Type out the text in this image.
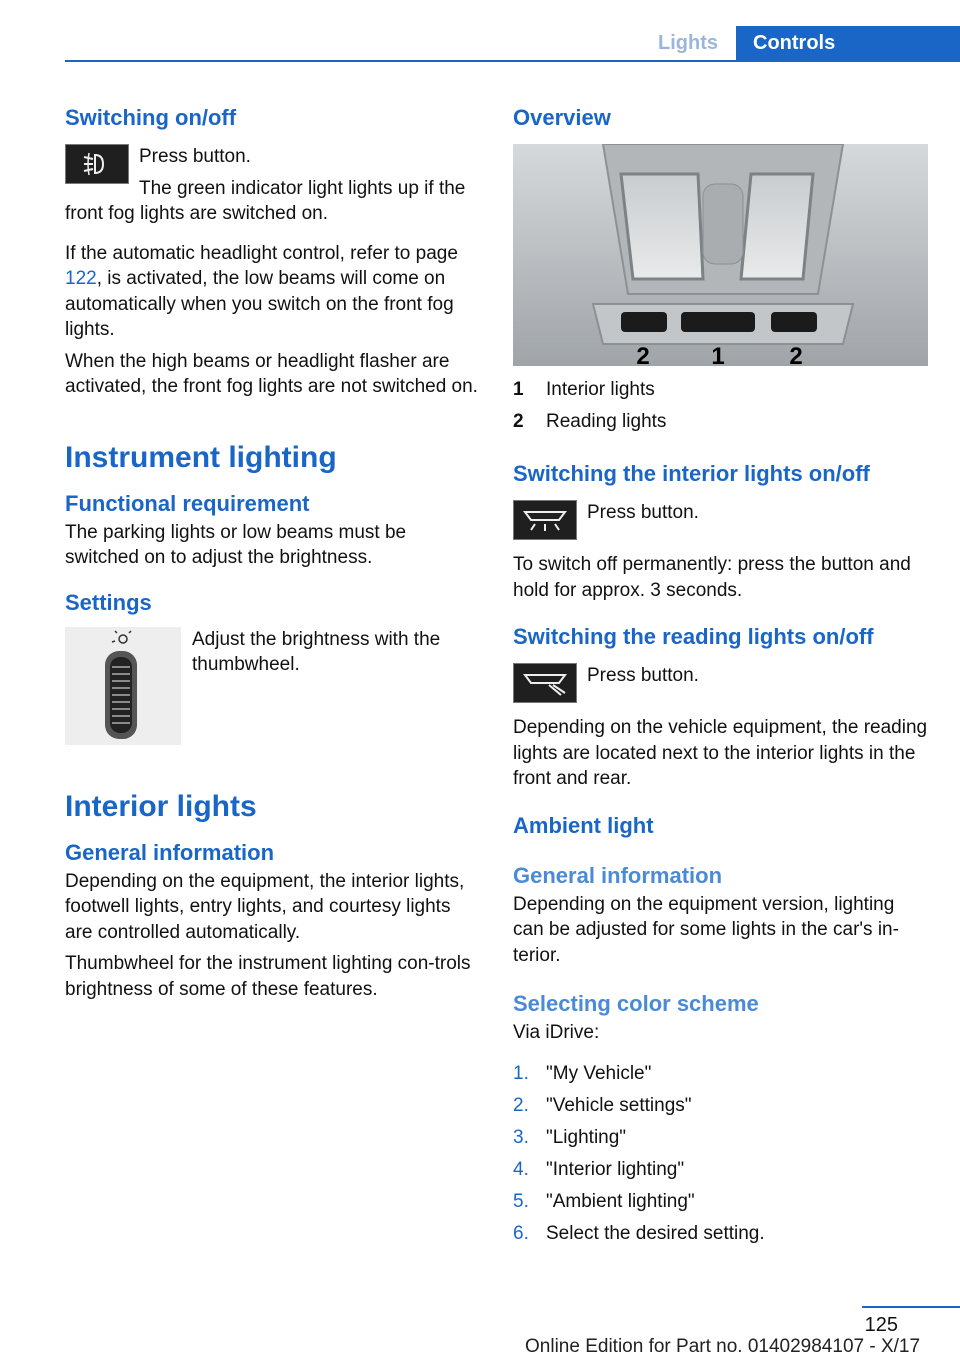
Lights	Controls
Switching on/off

Press button.

The green indicator light lights up if the front fog lights are switched on.

If the automatic headlight control, refer to page 122, is activated, the low beams will come on automatically when you switch on the front fog lights.

When the high beams or headlight flasher are activated, the front fog lights are not switched on.

Instrument lighting
Functional requirement

The parking lights or low beams must be switched on to adjust the brightness.

Settings

Adjust the brightness with the thumbwheel.

Interior lights
General information

Depending on the equipment, the interior lights, footwell lights, entry lights, and courtesy lights are controlled automatically.

Thumbwheel for the instrument lighting con-trols brightness of some of these features.

Overview
2	1	2
1	Interior lights
2	Reading lights
Switching the interior lights on/off

Press button.

To switch off permanently: press the button and hold for approx. 3 seconds.

Switching the reading lights on/off

Press button.

Depending on the vehicle equipment, the reading lights are located next to the interior lights in the front and rear.

Ambient light
General information

Depending on the equipment version, lighting can be adjusted for some lights in the car's in-terior.

Selecting color scheme

Via iDrive:

1. "My Vehicle"
2. "Vehicle settings"
3. "Lighting"
4. "Interior lighting"
5. "Ambient lighting"
6. Select the desired setting.
125
Online Edition for Part no. 01402984107 - X/17
